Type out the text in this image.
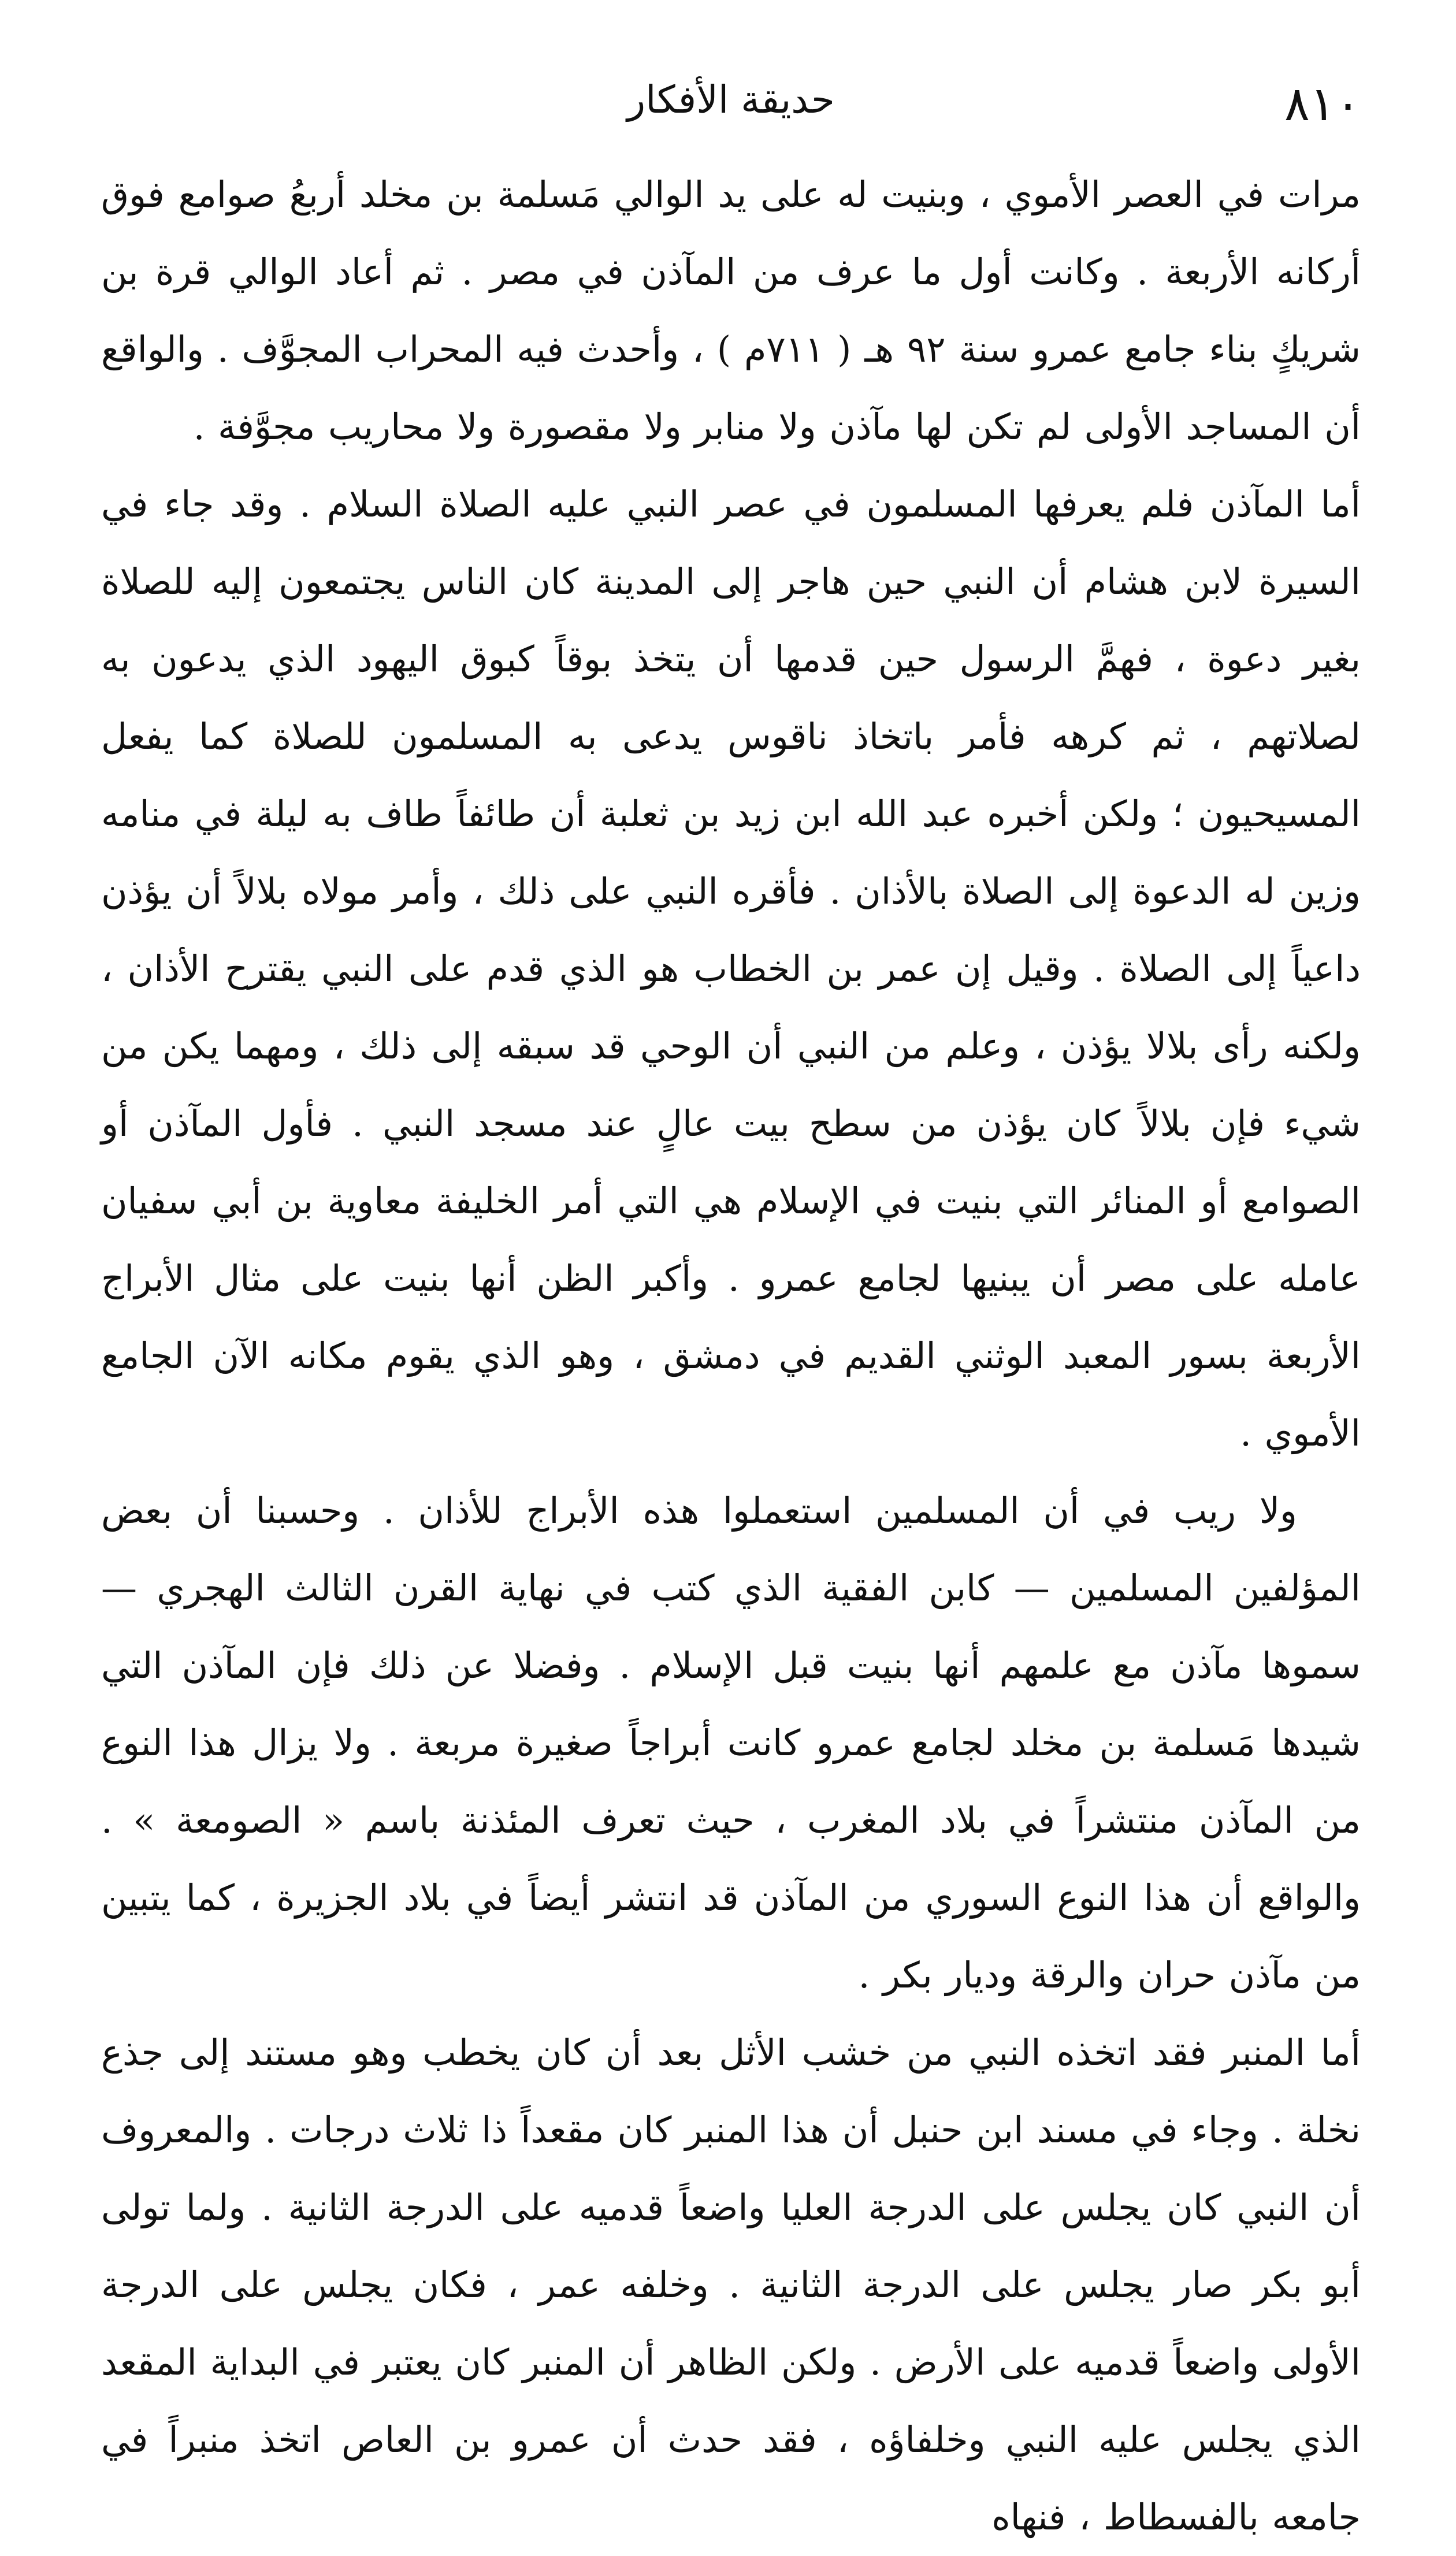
٨١٠
حديقة الأفكار

مرات في العصر الأموي ، وبنيت له على يد الوالي مَسلمة بن مخلد أربعُ صوامع فوق أركانه الأربعة . وكانت أول ما عرف من المآذن في مصر . ثم أعاد الوالي قرة بن شريكٍ بناء جامع عمرو سنة ٩٢ هـ ( ٧١١م ) ، وأحدث فيه المحراب المجوَّف . والواقع أن المساجد الأولى لم تكن لها مآذن ولا منابر ولا مقصورة ولا محاريب مجوَّفة .

أما المآذن فلم يعرفها المسلمون في عصر النبي عليه الصلاة السلام . وقد جاء في السيرة لابن هشام أن النبي حين هاجر إلى المدينة كان الناس يجتمعون إليه للصلاة بغير دعوة ، فهمَّ الرسول حين قدمها أن يتخذ بوقاً كبوق اليهود الذي يدعون به لصلاتهم ، ثم كرهه فأمر باتخاذ ناقوس يدعى به المسلمون للصلاة كما يفعل المسيحيون ؛ ولكن أخبره عبد الله ابن زيد بن ثعلبة أن طائفاً طاف به ليلة في منامه وزين له الدعوة إلى الصلاة بالأذان . فأقره النبي على ذلك ، وأمر مولاه بلالاً أن يؤذن داعياً إلى الصلاة . وقيل إن عمر بن الخطاب هو الذي قدم على النبي يقترح الأذان ، ولكنه رأى بلالا يؤذن ، وعلم من النبي أن الوحي قد سبقه إلى ذلك ، ومهما يكن من شيء فإن بلالاً كان يؤذن من سطح بيت عالٍ عند مسجد النبي . فأول المآذن أو الصوامع أو المنائر التي بنيت في الإسلام هي التي أمر الخليفة معاوية بن أبي سفيان عامله على مصر أن يبنيها لجامع عمرو . وأكبر الظن أنها بنيت على مثال الأبراج الأربعة بسور المعبد الوثني القديم في دمشق ، وهو الذي يقوم مكانه الآن الجامع الأموي .

ولا ريب في أن المسلمين استعملوا هذه الأبراج للأذان . وحسبنا أن بعض المؤلفين المسلمين — كابن الفقية الذي كتب في نهاية القرن الثالث الهجري — سموها مآذن مع علمهم أنها بنيت قبل الإسلام . وفضلا عن ذلك فإن المآذن التي شيدها مَسلمة بن مخلد لجامع عمرو كانت أبراجاً صغيرة مربعة . ولا يزال هذا النوع من المآذن منتشراً في بلاد المغرب ، حيث تعرف المئذنة باسم « الصومعة » . والواقع أن هذا النوع السوري من المآذن قد انتشر أيضاً في بلاد الجزيرة ، كما يتبين من مآذن حران والرقة وديار بكر .

أما المنبر فقد اتخذه النبي من خشب الأثل بعد أن كان يخطب وهو مستند إلى جذع نخلة . وجاء في مسند ابن حنبل أن هذا المنبر كان مقعداً ذا ثلاث درجات . والمعروف أن النبي كان يجلس على الدرجة العليا واضعاً قدميه على الدرجة الثانية . ولما تولى أبو بكر صار يجلس على الدرجة الثانية . وخلفه عمر ، فكان يجلس على الدرجة الأولى واضعاً قدميه على الأرض . ولكن الظاهر أن المنبر كان يعتبر في البداية المقعد الذي يجلس عليه النبي وخلفاؤه ، فقد حدث أن عمرو بن العاص اتخذ منبراً في جامعه بالفسطاط ، فنهاه
